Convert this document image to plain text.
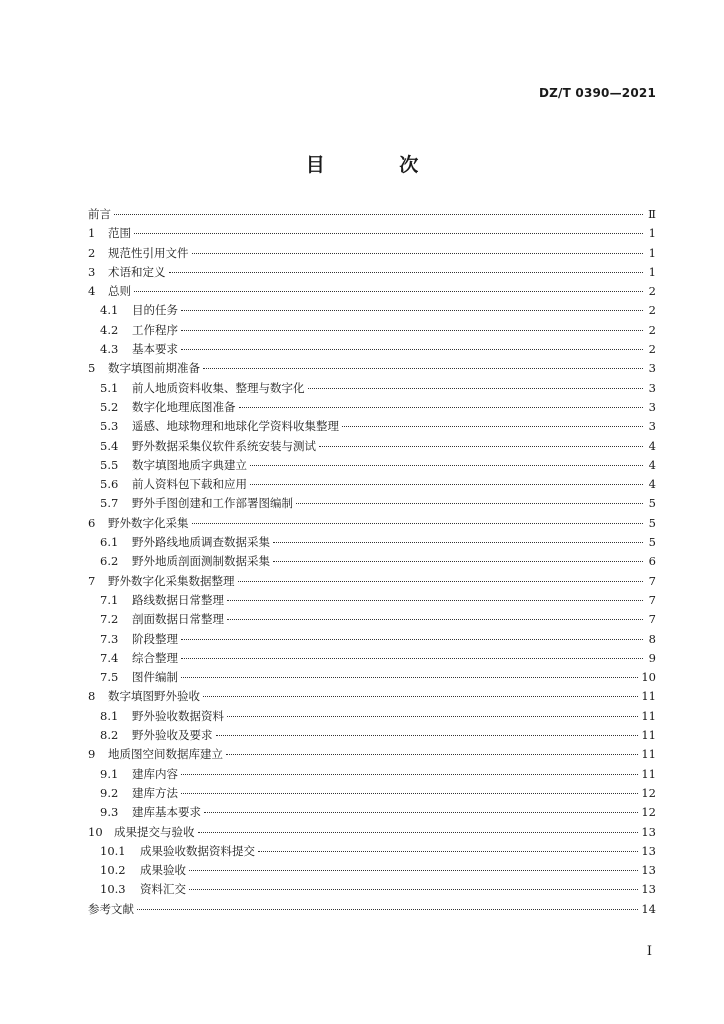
DZ/T 0390—2021
目 次
前言	Ⅱ
1	范围	1
2	规范性引用文件	1
3	术语和定义	1
4	总则	2
4.1	目的任务	2
4.2	工作程序	2
4.3	基本要求	2
5	数字填图前期准备	3
5.1	前人地质资料收集、整理与数字化	3
5.2	数字化地理底图准备	3
5.3	遥感、地球物理和地球化学资料收集整理	3
5.4	野外数据采集仪软件系统安装与测试	4
5.5	数字填图地质字典建立	4
5.6	前人资料包下载和应用	4
5.7	野外手图创建和工作部署图编制	5
6	野外数字化采集	5
6.1	野外路线地质调查数据采集	5
6.2	野外地质剖面测制数据采集	6
7	野外数字化采集数据整理	7
7.1	路线数据日常整理	7
7.2	剖面数据日常整理	7
7.3	阶段整理	8
7.4	综合整理	9
7.5	图件编制	10
8	数字填图野外验收	11
8.1	野外验收数据资料	11
8.2	野外验收及要求	11
9	地质图空间数据库建立	11
9.1	建库内容	11
9.2	建库方法	12
9.3	建库基本要求	12
10 成果提交与验收	13
10.1	成果验收数据资料提交	13
10.2	成果验收	13
10.3	资料汇交	13
参考文献	14
I
